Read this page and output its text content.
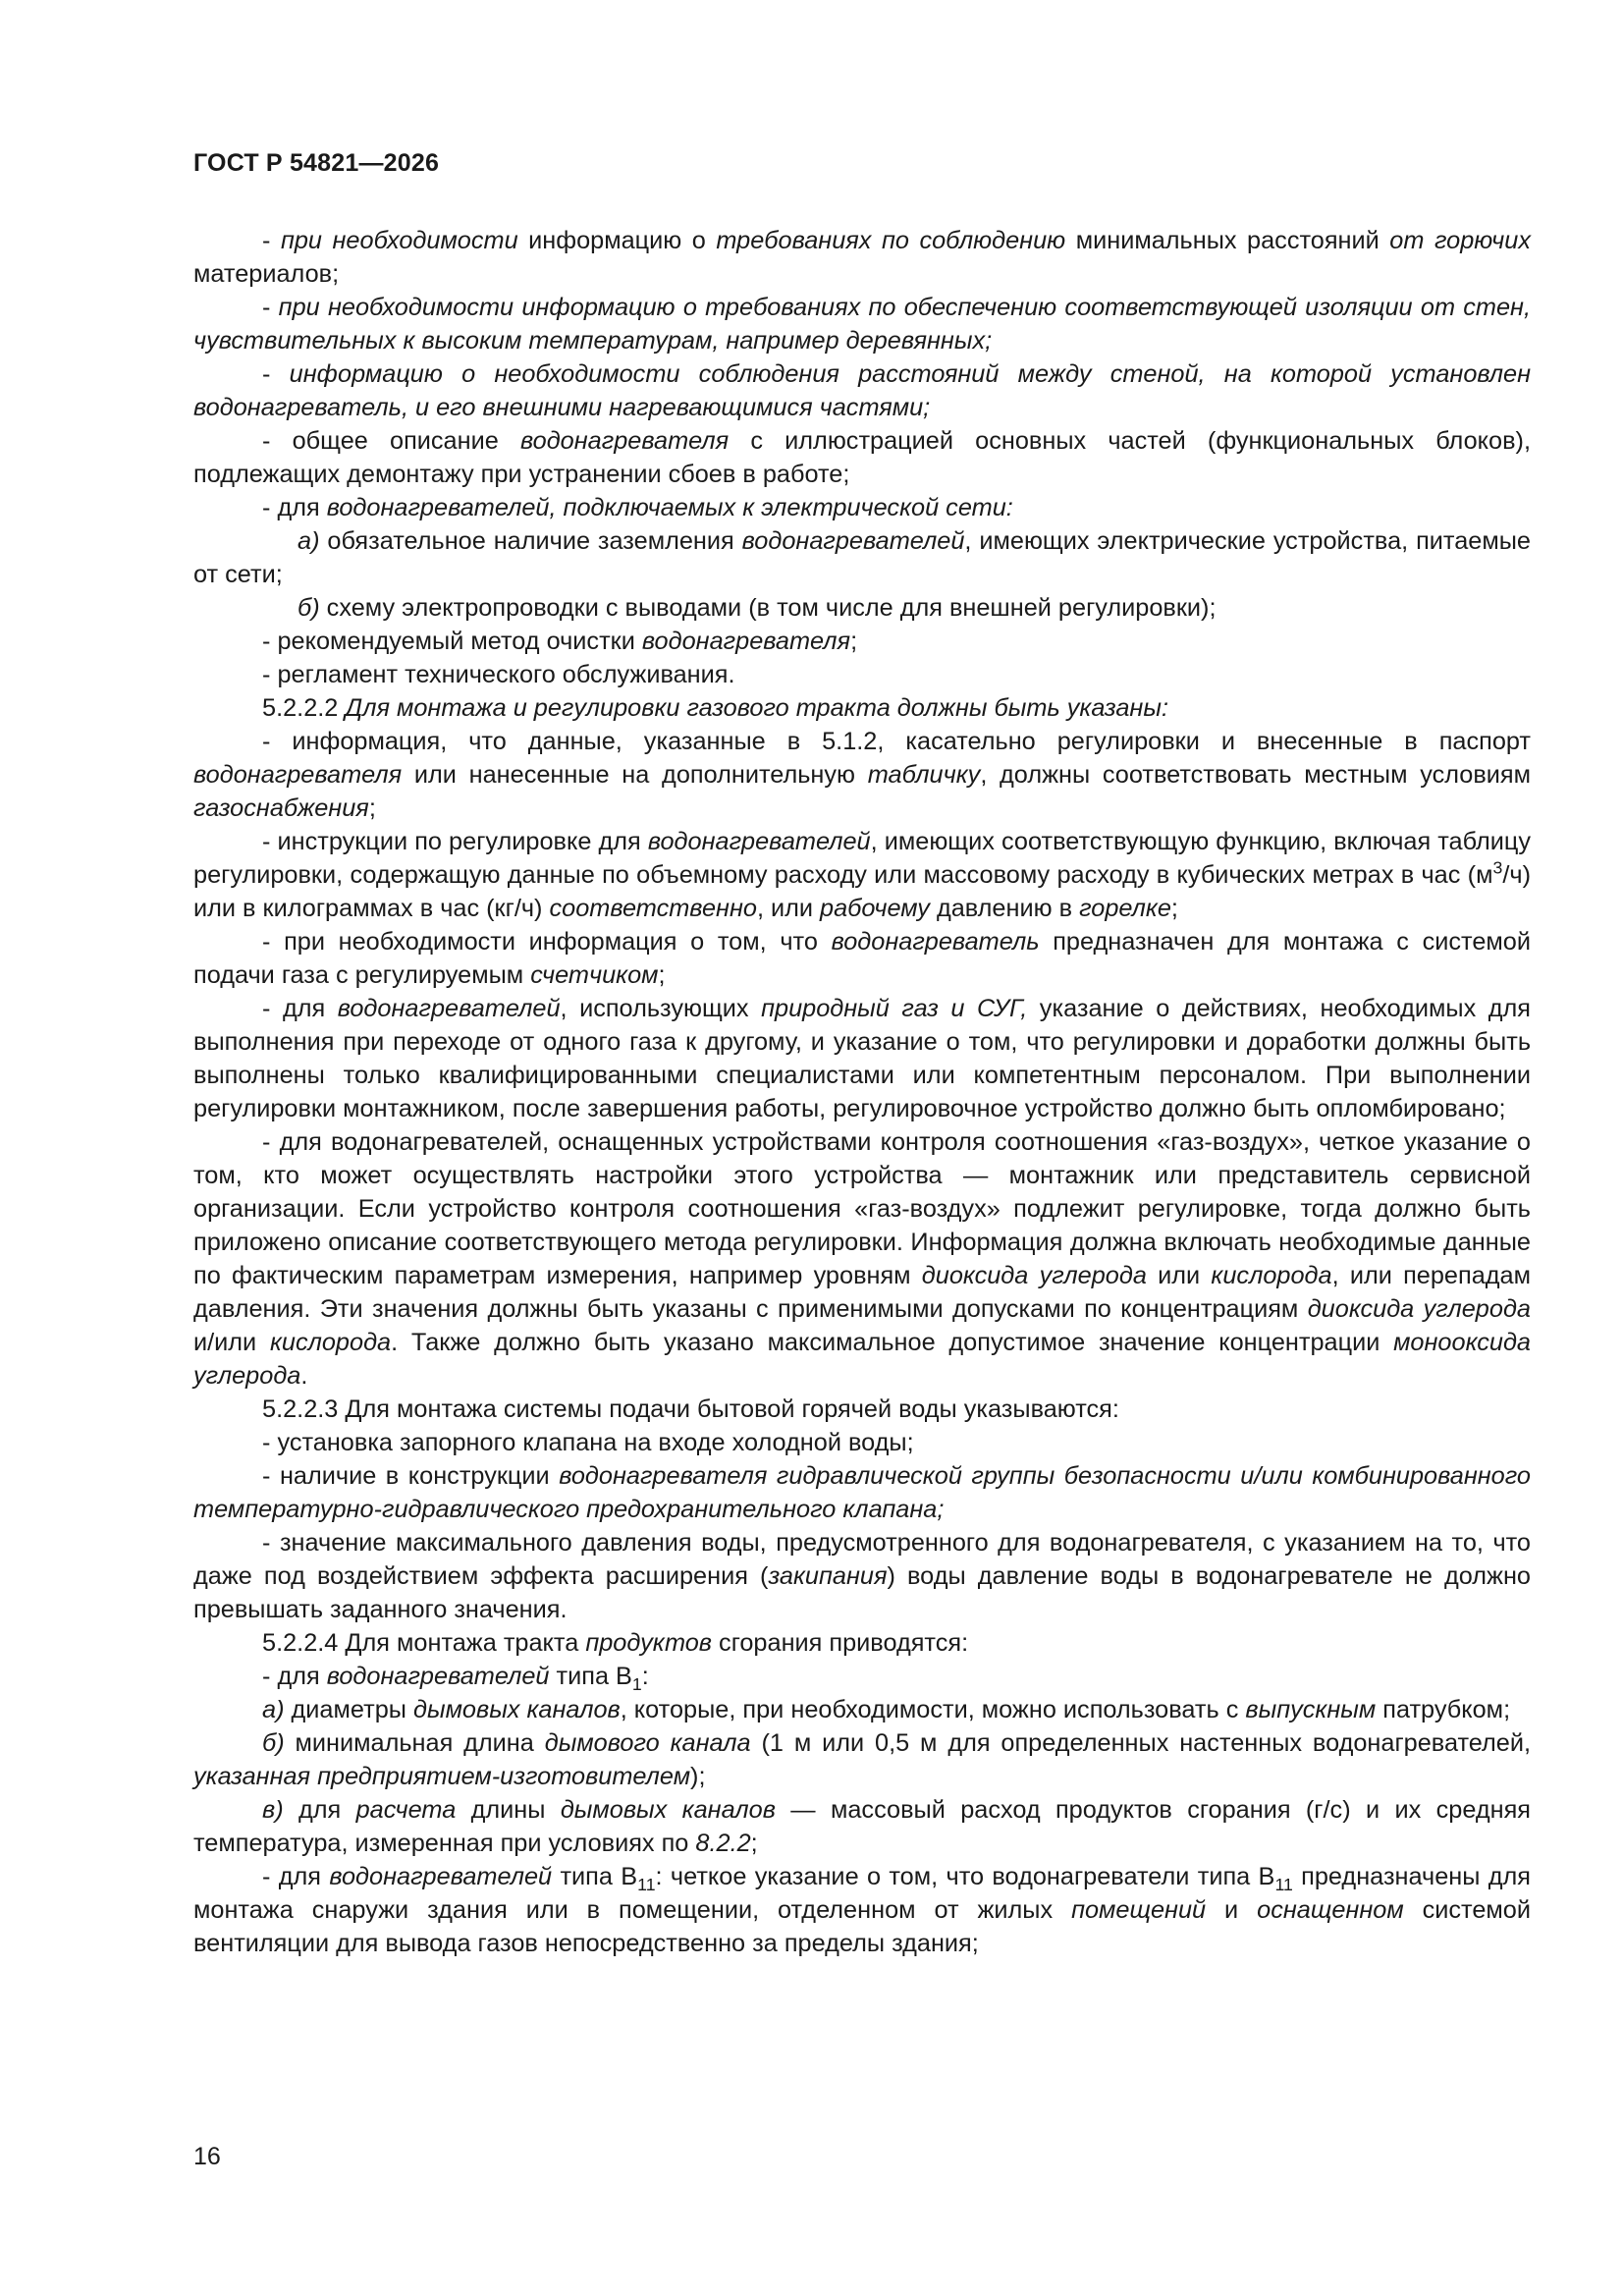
ГОСТ Р 54821—2026

- при необходимости информацию о требованиях по соблюдению минимальных расстояний от горючих материалов;

- при необходимости информацию о требованиях по обеспечению соответствующей изоляции от стен, чувствительных к высоким температурам, например деревянных;

- информацию о необходимости соблюдения расстояний между стеной, на которой установлен водонагреватель, и его внешними нагревающимися частями;

- общее описание водонагревателя с иллюстрацией основных частей (функциональных блоков), подлежащих демонтажу при устранении сбоев в работе;

- для водонагревателей, подключаемых к электрической сети:

а) обязательное наличие заземления водонагревателей, имеющих электрические устройства, питаемые от сети;

б) схему электропроводки с выводами (в том числе для внешней регулировки);

- рекомендуемый метод очистки водонагревателя;

- регламент технического обслуживания.

5.2.2.2 Для монтажа и регулировки газового тракта должны быть указаны:

- информация, что данные, указанные в 5.1.2, касательно регулировки и внесенные в паспорт водонагревателя или нанесенные на дополнительную табличку, должны соответствовать местным условиям газоснабжения;

- инструкции по регулировке для водонагревателей, имеющих соответствующую функцию, включая таблицу регулировки, содержащую данные по объемному расходу или массовому расходу в кубических метрах в час $(м^3/ч)$ или в килограммах в час (кг/ч) соответственно, или рабочему давлению в горелке;

- при необходимости информация о том, что водонагреватель предназначен для монтажа с системой подачи газа с регулируемым счетчиком;

- для водонагревателей, использующих природный газ и СУГ, указание о действиях, необходимых для выполнения при переходе от одного газа к другому, и указание о том, что регулировки и доработки должны быть выполнены только квалифицированными специалистами или компетентным персоналом. При выполнении регулировки монтажником, после завершения работы, регулировочное устройство должно быть опломбировано;

- для водонагревателей, оснащенных устройствами контроля соотношения «газ-воздух», четкое указание о том, кто может осуществлять настройки этого устройства — монтажник или представитель сервисной организации. Если устройство контроля соотношения «газ-воздух» подлежит регулировке, тогда должно быть приложено описание соответствующего метода регулировки. Информация должна включать необходимые данные по фактическим параметрам измерения, например уровням диоксида углерода или кислорода, или перепадам давления. Эти значения должны быть указаны с применимыми допусками по концентрациям диоксида углерода и/или кислорода. Также должно быть указано максимальное допустимое значение концентрации монооксида углерода.

5.2.2.3 Для монтажа системы подачи бытовой горячей воды указываются:

- установка запорного клапана на входе холодной воды;

- наличие в конструкции водонагревателя гидравлической группы безопасности и/или комбинированного температурно-гидравлического предохранительного клапана;

- значение максимального давления воды, предусмотренного для водонагревателя, с указанием на то, что даже под воздействием эффекта расширения (закипания) воды давление воды в водонагревателе не должно превышать заданного значения.

5.2.2.4 Для монтажа тракта продуктов сгорания приводятся:

- для водонагревателей типа $В_1$:

а) диаметры дымовых каналов, которые, при необходимости, можно использовать с выпускным патрубком;

б) минимальная длина дымового канала (1 м или 0,5 м для определенных настенных водонагревателей, указанная предприятием-изготовителем);

в) для расчета длины дымовых каналов — массовый расход продуктов сгорания (г/с) и их средняя температура, измеренная при условиях по 8.2.2;

- для водонагревателей типа $В_{11}$: четкое указание о том, что водонагреватели типа $В_{11}$ предназначены для монтажа снаружи здания или в помещении, отделенном от жилых помещений и оснащенном системой вентиляции для вывода газов непосредственно за пределы здания;

16
